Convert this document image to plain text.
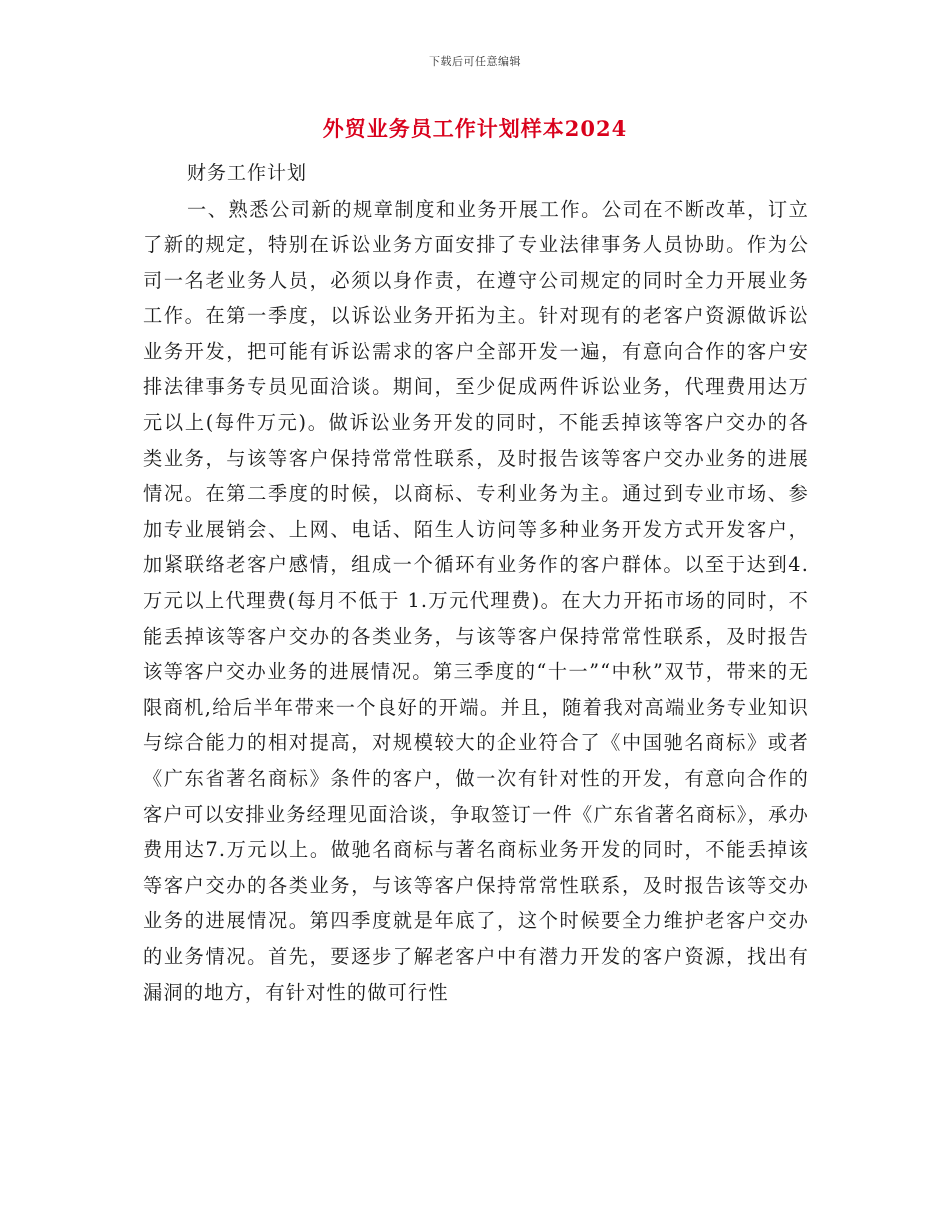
下载后可任意编辑
外贸业务员工作计划样本2024

财务工作计划

一、熟悉公司新的规章制度和业务开展工作。公司在不断改革，订立了新的规定，特别在诉讼业务方面安排了专业法律事务人员协助。作为公司一名老业务人员，必须以身作责，在遵守公司规定的同时全力开展业务工作。在第一季度，以诉讼业务开拓为主。针对现有的老客户资源做诉讼业务开发，把可能有诉讼需求的客户全部开发一遍，有意向合作的客户安排法律事务专员见面洽谈。期间，至少促成两件诉讼业务，代理费用达万元以上(每件万元)。做诉讼业务开发的同时，不能丢掉该等客户交办的各类业务，与该等客户保持常常性联系，及时报告该等客户交办业务的进展情况。在第二季度的时候，以商标、专利业务为主。通过到专业市场、参加专业展销会、上网、电话、陌生人访问等多种业务开发方式开发客户，加紧联络老客户感情，组成一个循环有业务作的客户群体。以至于达到4.万元以上代理费(每月不低于 1.万元代理费)。在大力开拓市场的同时，不能丢掉该等客户交办的各类业务，与该等客户保持常常性联系，及时报告该等客户交办业务的进展情况。第三季度的“十一”“中秋”双节，带来的无限商机,给后半年带来一个良好的开端。并且，随着我对高端业务专业知识与综合能力的相对提高，对规模较大的企业符合了《中国驰名商标》或者《广东省著名商标》条件的客户，做一次有针对性的开发，有意向合作的客户可以安排业务经理见面洽谈，争取签订一件《广东省著名商标》，承办费用达7.万元以上。做驰名商标与著名商标业务开发的同时，不能丢掉该等客户交办的各类业务，与该等客户保持常常性联系，及时报告该等交办业务的进展情况。第四季度就是年底了，这个时候要全力维护老客户交办的业务情况。首先，要逐步了解老客户中有潜力开发的客户资源，找出有漏洞的地方，有针对性的做可行性
